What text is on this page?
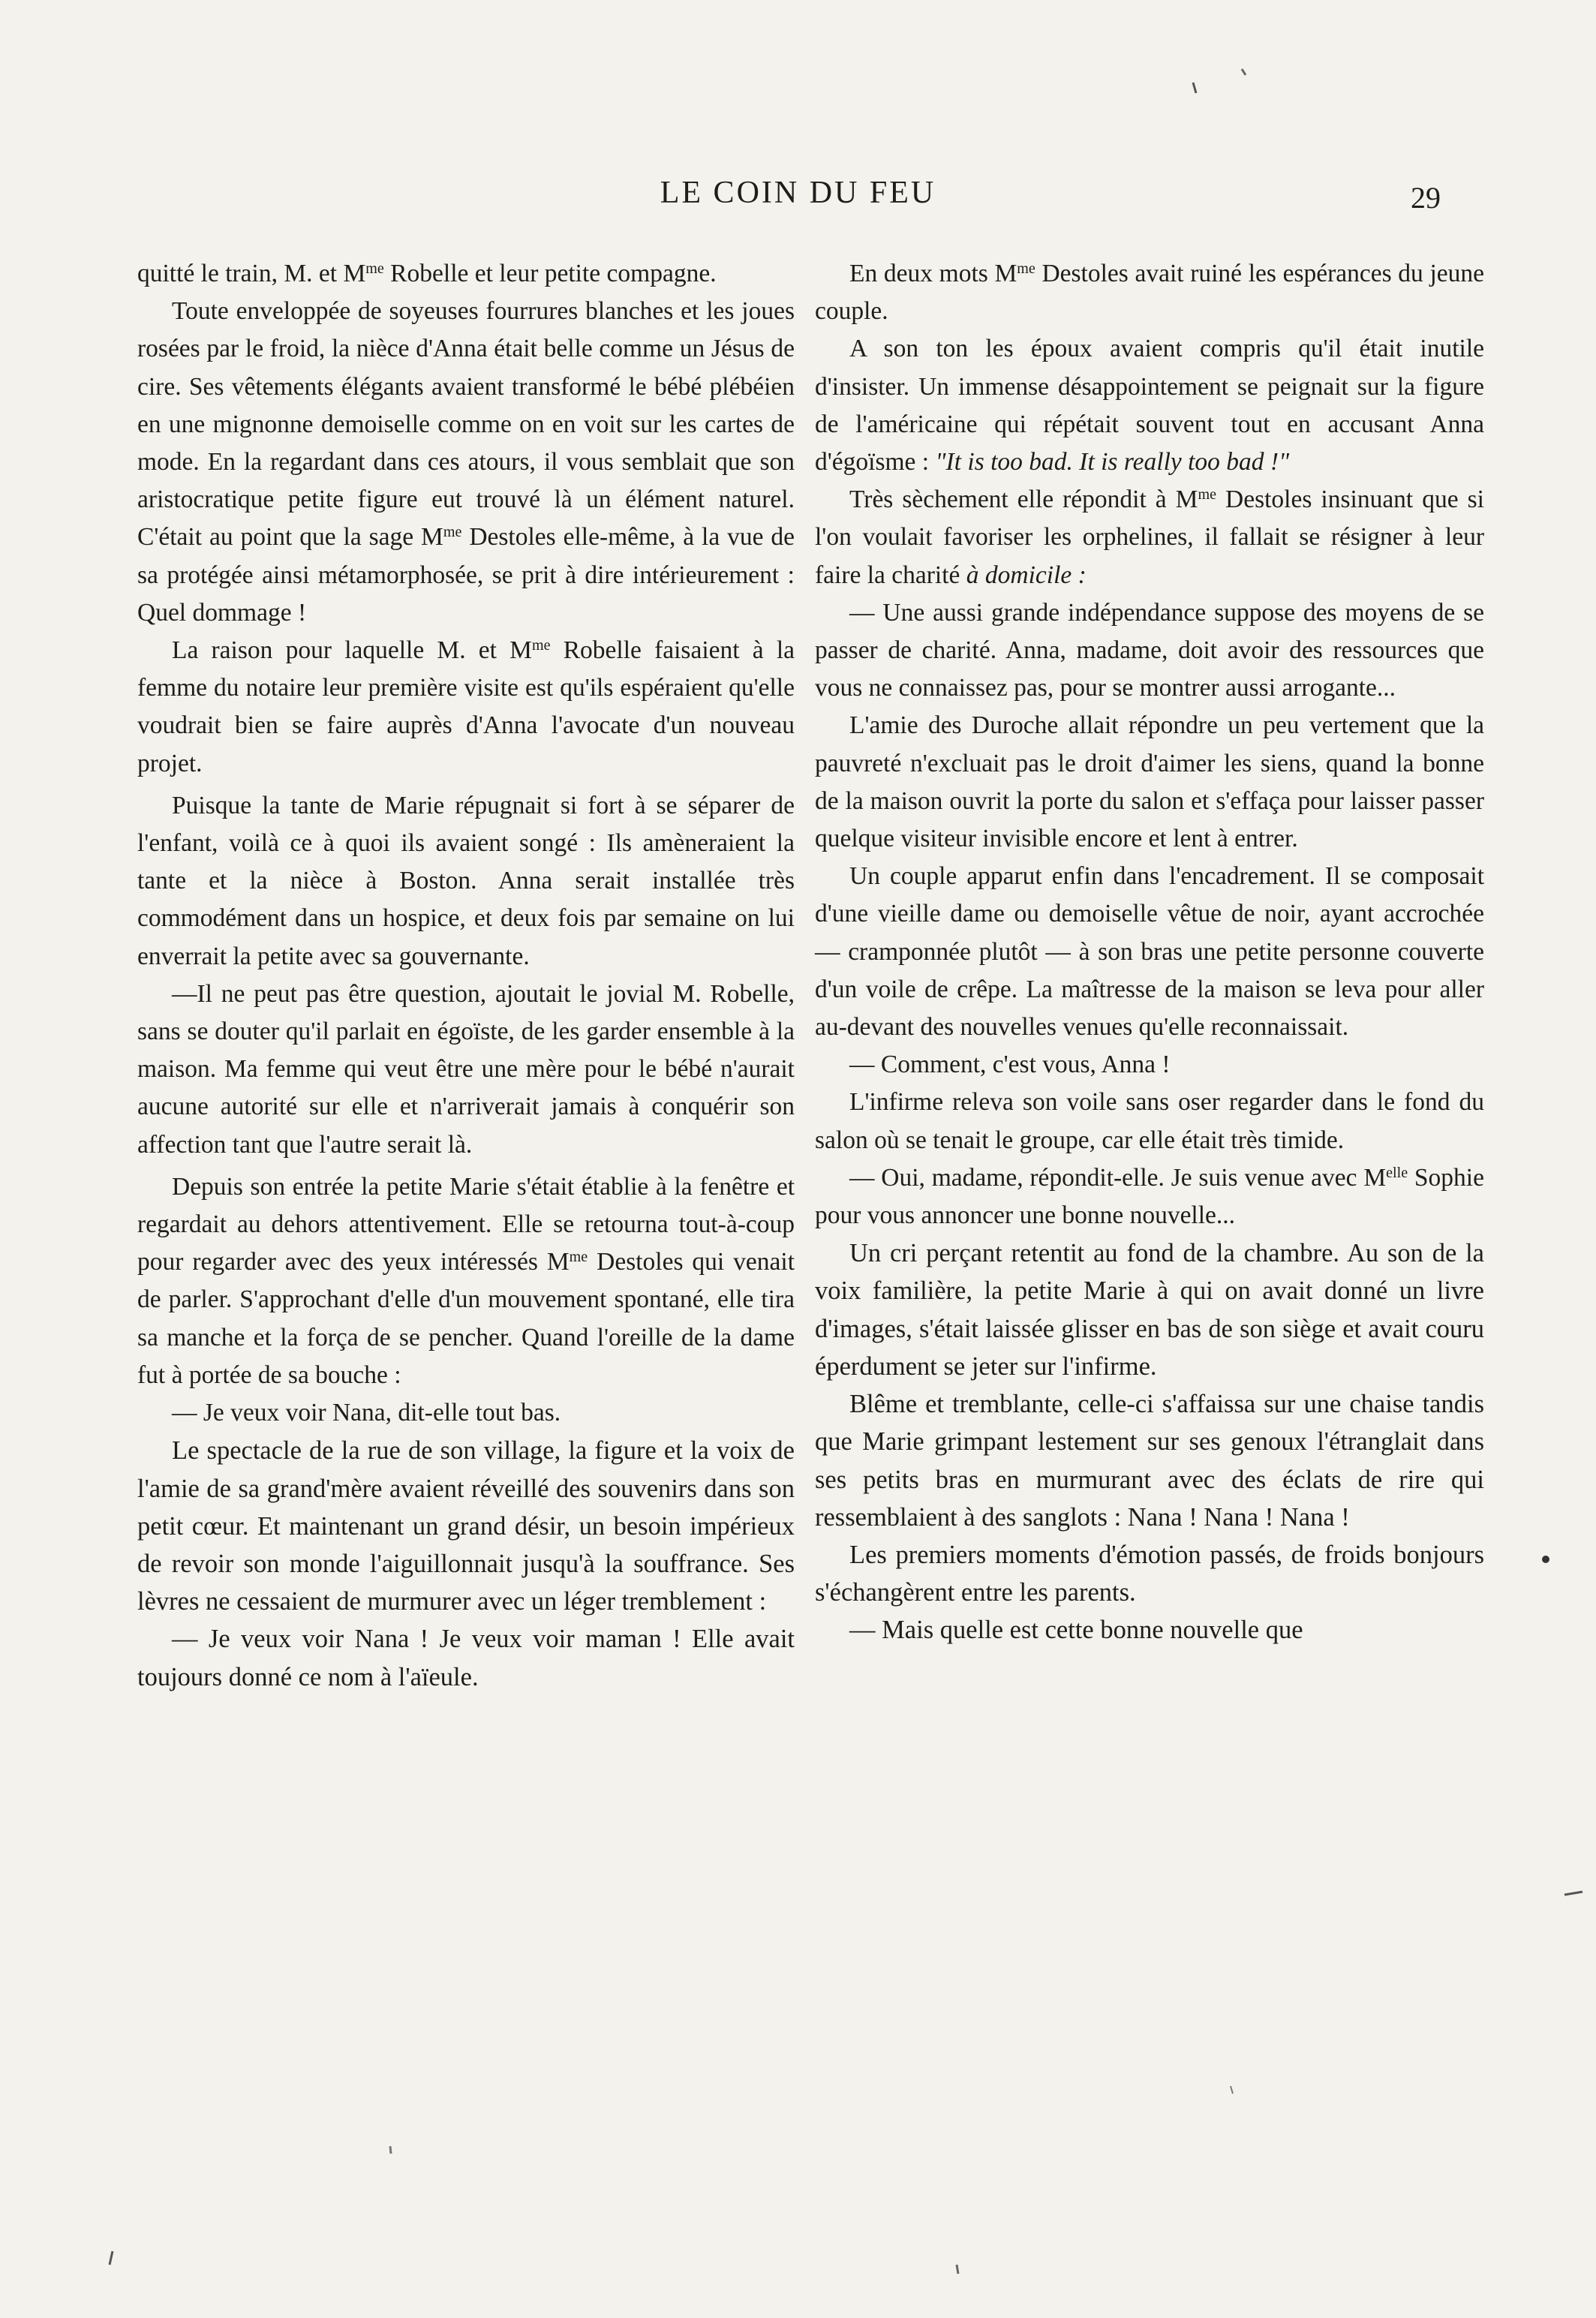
LE COIN DU FEU	29

quitté le train, M. et $M^{me}$ Robelle et leur petite compagne.

Toute enveloppée de soyeuses fourrures blanches et les joues rosées par le froid, la nièce d'Anna était belle comme un Jésus de cire. Ses vêtements élégants avaient transformé le bébé plébéien en une mignonne demoiselle comme on en voit sur les cartes de mode. En la regardant dans ces atours, il vous semblait que son aristocratique petite figure eut trouvé là un élément naturel. C'était au point que la sage $M^{me}$ Destoles elle-même, à la vue de sa protégée ainsi métamorphosée, se prit à dire intérieurement : Quel dommage !

La raison pour laquelle M. et $M^{me}$ Robelle faisaient à la femme du notaire leur première visite est qu'ils espéraient qu'elle voudrait bien se faire auprès d'Anna l'avocate d'un nouveau projet.

Puisque la tante de Marie répugnait si fort à se séparer de l'enfant, voilà ce à quoi ils avaient songé : Ils amèneraient la tante et la nièce à Boston. Anna serait installée très commodément dans un hospice, et deux fois par semaine on lui enverrait la petite avec sa gouvernante.

—Il ne peut pas être question, ajoutait le jovial M. Robelle, sans se douter qu'il parlait en égoïste, de les garder ensemble à la maison. Ma femme qui veut être une mère pour le bébé n'aurait aucune autorité sur elle et n'arriverait jamais à conquérir son affection tant que l'autre serait là.

Depuis son entrée la petite Marie s'était établie à la fenêtre et regardait au dehors attentivement. Elle se retourna tout-à-coup pour regarder avec des yeux intéressés $M^{me}$ Destoles qui venait de parler. S'approchant d'elle d'un mouvement spontané, elle tira sa manche et la força de se pencher. Quand l'oreille de la dame fut à portée de sa bouche :

— Je veux voir Nana, dit-elle tout bas.

Le spectacle de la rue de son village, la figure et la voix de l'amie de sa grand'mère avaient réveillé des souvenirs dans son petit cœur. Et maintenant un grand désir, un besoin impérieux de revoir son monde l'aiguillonnait jusqu'à la souffrance. Ses lèvres ne cessaient de murmurer avec un léger tremblement :

— Je veux voir Nana ! Je veux voir maman ! Elle avait toujours donné ce nom à l'aïeule.

En deux mots $M^{me}$ Destoles avait ruiné les espérances du jeune couple.

A son ton les époux avaient compris qu'il était inutile d'insister. Un immense désappointement se peignait sur la figure de l'américaine qui répétait souvent tout en accusant Anna d'égoïsme : "It is too bad. It is really too bad !"

Très sèchement elle répondit à $M^{me}$ Destoles insinuant que si l'on voulait favoriser les orphelines, il fallait se résigner à leur faire la charité à domicile :

— Une aussi grande indépendance suppose des moyens de se passer de charité. Anna, madame, doit avoir des ressources que vous ne connaissez pas, pour se montrer aussi arrogante...

L'amie des Duroche allait répondre un peu vertement que la pauvreté n'excluait pas le droit d'aimer les siens, quand la bonne de la maison ouvrit la porte du salon et s'effaça pour laisser passer quelque visiteur invisible encore et lent à entrer.

Un couple apparut enfin dans l'encadrement. Il se composait d'une vieille dame ou demoiselle vêtue de noir, ayant accrochée — cramponnée plutôt — à son bras une petite personne couverte d'un voile de crêpe. La maîtresse de la maison se leva pour aller au-devant des nouvelles venues qu'elle reconnaissait.

— Comment, c'est vous, Anna !

L'infirme releva son voile sans oser regarder dans le fond du salon où se tenait le groupe, car elle était très timide.

— Oui, madame, répondit-elle. Je suis venue avec $M^{elle}$ Sophie pour vous annoncer une bonne nouvelle...

Un cri perçant retentit au fond de la chambre. Au son de la voix familière, la petite Marie à qui on avait donné un livre d'images, s'était laissée glisser en bas de son siège et avait couru éperdument se jeter sur l'infirme.

Blême et tremblante, celle-ci s'affaissa sur une chaise tandis que Marie grimpant lestement sur ses genoux l'étranglait dans ses petits bras en murmurant avec des éclats de rire qui ressemblaient à des sanglots : Nana ! Nana ! Nana !

Les premiers moments d'émotion passés, de froids bonjours s'échangèrent entre les parents.

— Mais quelle est cette bonne nouvelle que
